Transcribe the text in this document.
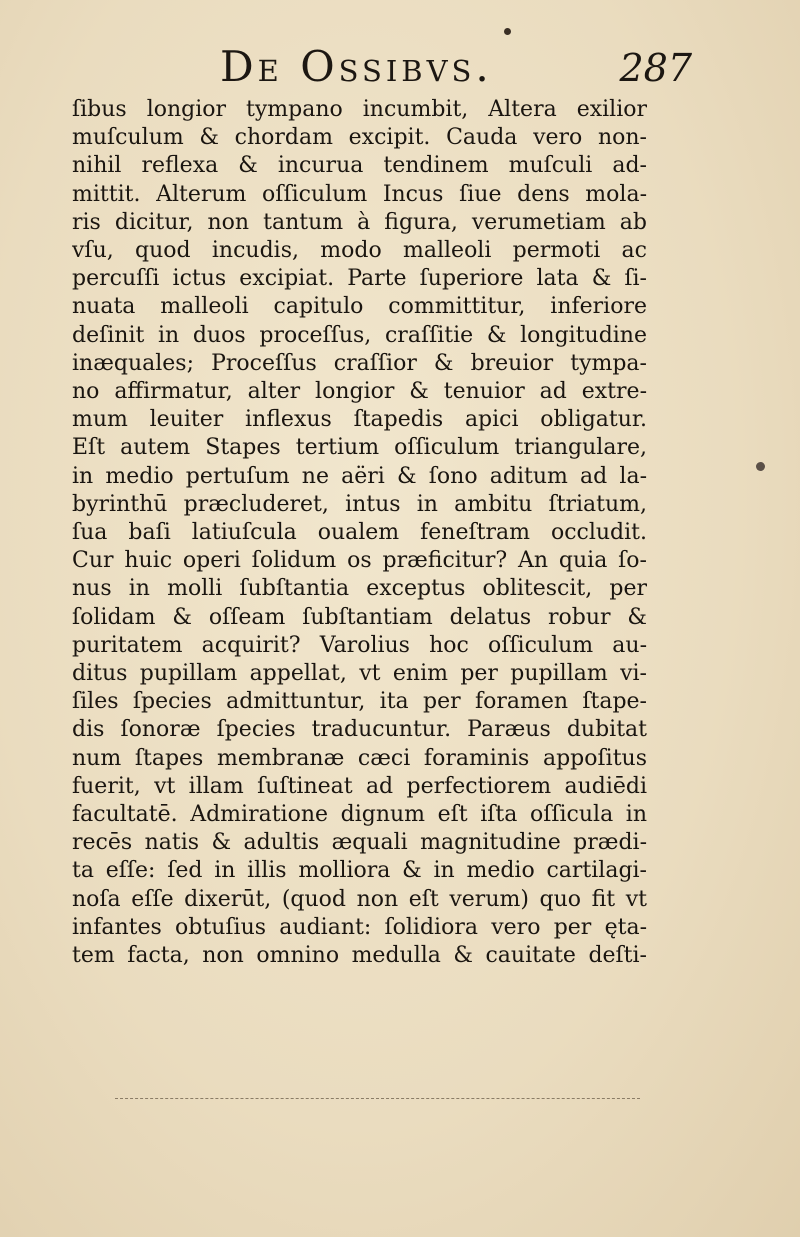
De Ossibvs.	287
ſibus longior tympano incumbit, Altera exilior
muſculum & chordam excipit. Cauda vero non-
nihil reflexa & incurua tendinem muſculi ad-
mittit. Alterum oſſiculum Incus ſiue dens mola-
ris dicitur, non tantum à figura, verumetiam ab
vſu, quod incudis, modo malleoli permoti ac
percuſſi ictus excipiat. Parte ſuperiore lata & ſi-
nuata malleoli capitulo committitur, inferiore
deſinit in duos proceſſus, craſſitie & longitudine
inæquales; Proceſſus craſſior & breuior tympa-
no affirmatur, alter longior & tenuior ad extre-
mum leuiter inflexus ſtapedis apici obligatur.
Eſt autem Stapes tertium oſſiculum triangulare,
in medio pertuſum ne aëri & ſono aditum ad la-
byrinthū præcluderet, intus in ambitu ſtriatum,
ſua baſi latiuſcula oualem feneſtram occludit.
Cur huic operi ſolidum os præficitur? An quia ſo-
nus in molli ſubſtantia exceptus oblitescit, per
ſolidam & oſſeam ſubſtantiam delatus robur &
puritatem acquirit? Varolius hoc oſſiculum au-
ditus pupillam appellat, vt enim per pupillam vi-
ſiles ſpecies admittuntur, ita per foramen ſtape-
dis ſonoræ ſpecies traducuntur. Paræus dubitat
num ſtapes membranæ cæci foraminis appoſitus
fuerit, vt illam ſuſtineat ad perfectiorem audiēdi
facultatē. Admiratione dignum eſt iſta oſſicula in
recēs natis & adultis æquali magnitudine prædi-
ta eſſe: ſed in illis molliora & in medio cartilagi-
noſa eſſe dixerūt, (quod non eſt verum) quo fit vt
infantes obtuſius audiant: ſolidiora vero per ęta-
tem facta, non omnino medulla & cauitate deſti-
